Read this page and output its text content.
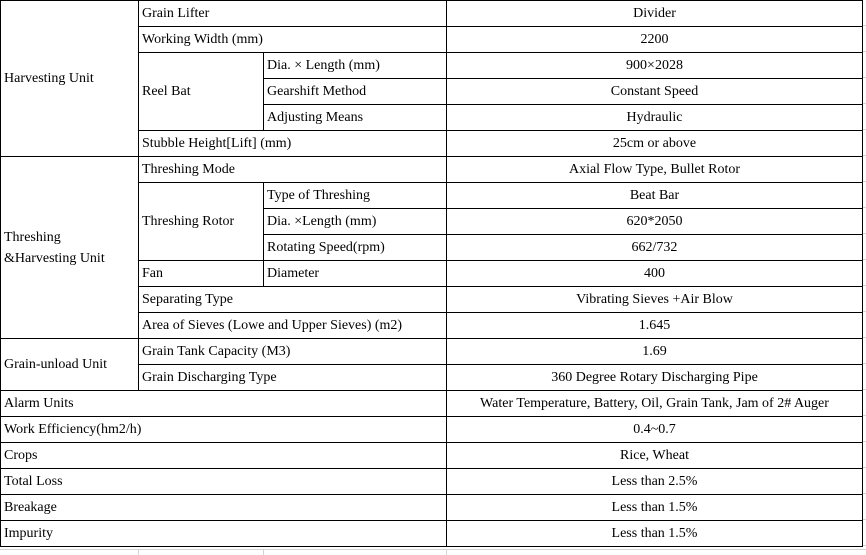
Harvesting Unit	Grain Lifter		Divider
	Working Width (mm)		2200
	Reel Bat	Dia. × Length (mm)	900×2028
		Gearshift Method	Constant Speed
		Adjusting Means	Hydraulic
	Stubble Height[Lift] (mm)		25cm or above
Threshing &Harvesting Unit	Threshing Mode		Axial Flow Type, Bullet Rotor
	Threshing Rotor	Type of Threshing	Beat Bar
		Dia. ×Length (mm)	620*2050
		Rotating Speed(rpm)	662/732
	Fan	Diameter	400
	Separating Type		Vibrating Sieves +Air Blow
	Area of Sieves (Lowe and Upper Sieves) (m2)		1.645
Grain-unload Unit	Grain Tank Capacity (M3)		1.69
	Grain Discharging Type		360 Degree Rotary Discharging Pipe
Alarm Units			Water Temperature, Battery, Oil, Grain Tank, Jam of 2# Auger
Work Efficiency(hm2/h)			0.4~0.7
Crops			Rice, Wheat
Total Loss			Less than 2.5%
Breakage			Less than 1.5%
Impurity			Less than 1.5%
